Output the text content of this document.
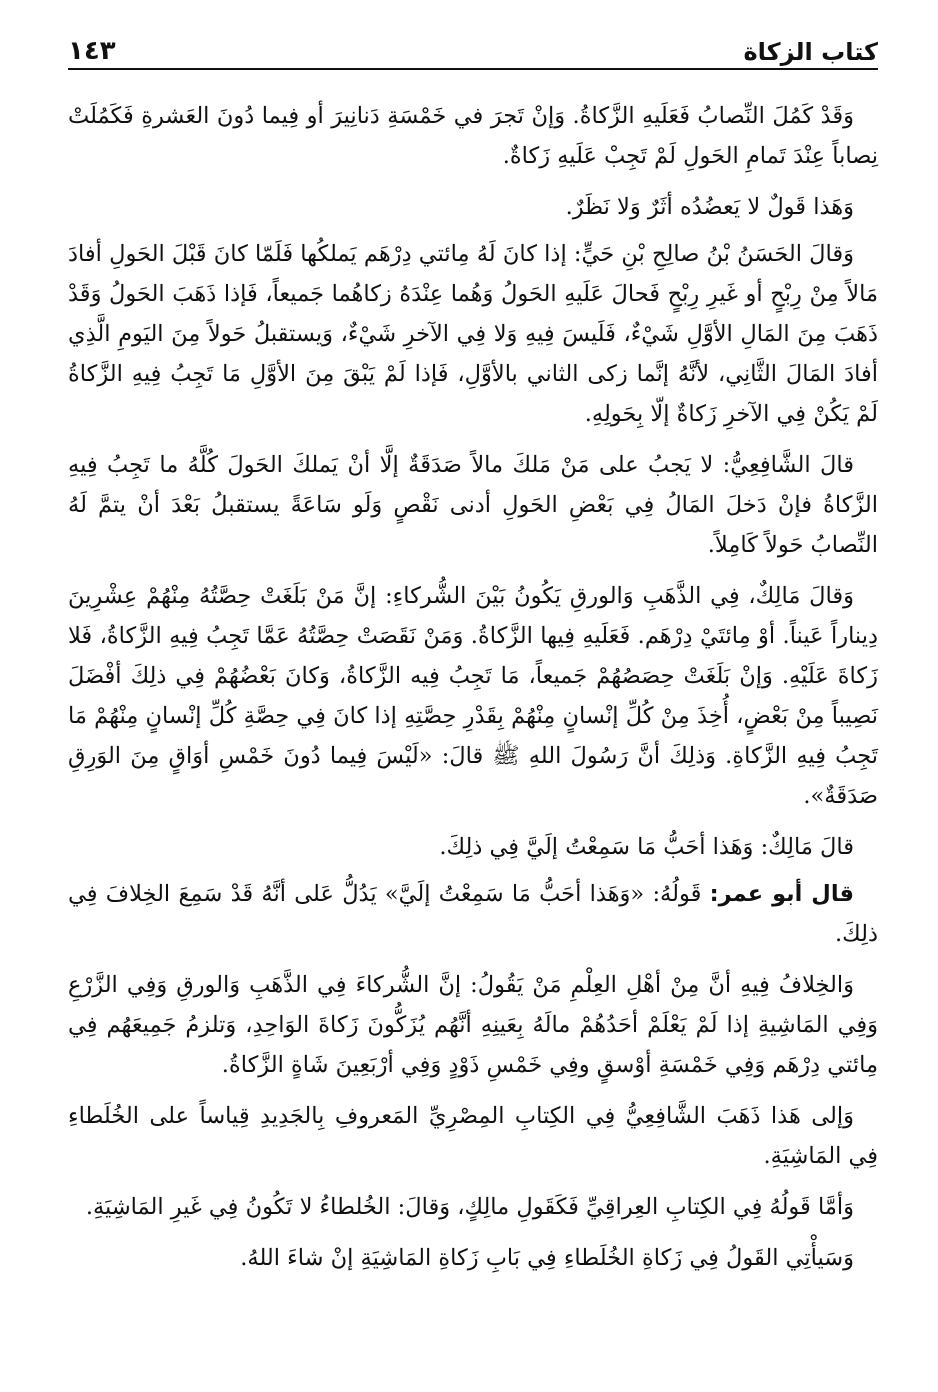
كتاب الزكاة
١٤٣

وَقَدْ كَمُلَ النِّصابُ فَعَلَيهِ الزَّكاةُ. وَإنْ تَجرَ في خَمْسَةِ دَنانِيرَ أو فِيما دُونَ العَشرةِ فَكَمُلَتْ نِصاباً عِنْدَ تَمامِ الحَولِ لَمْ تَجِبْ عَلَيهِ زَكاةٌ.

وَهَذا قَولٌ لا يَعضُدُه أثَرٌ وَلا نَظَرٌ.

وَقالَ الحَسَنُ بْنُ صالِحِ بْنِ حَيٍّ: إذا كانَ لَهُ مِائتي دِرْهَم يَملكُها فَلَمّا كانَ قَبْلَ الحَولِ أفادَ مَالاً مِنْ رِبْحٍ أو غَيرِ رِبْحٍ فَحالَ عَلَيهِ الحَولُ وَهُما عِنْدَهُ زكاهُما جَميعاً، فَإذا ذَهَبَ الحَولُ وَقَدْ ذَهَبَ مِنَ المَالِ الأوَّلِ شَيْءٌ، فَلَيسَ فِيهِ وَلا فِي الآخرِ شَيْءٌ، وَيستقبلُ حَولاً مِنَ اليَومِ الَّذِي أفادَ المَالَ الثَّانِي، لأنَّهُ إنَّما زكى الثاني بالأوَّلِ، فَإذا لَمْ يَبْقَ مِنَ الأوَّلِ مَا تَجِبُ فِيهِ الزَّكاةُ لَمْ يَكُنْ فِي الآخرِ زَكاةٌ إلّا بِحَولِهِ.

قالَ الشَّافِعِيُّ: لا يَجبُ على مَنْ مَلكَ مالاً صَدَقَةٌ إلَّا أنْ يَملكَ الحَولَ كُلَّهُ ما تَجِبُ فِيهِ الزَّكاةُ فإنْ دَخلَ المَالُ فِي بَعْضِ الحَولِ أدنى نَقْصٍ وَلَو سَاعَةً يستقبلُ بَعْدَ أنْ يتمَّ لَهُ النِّصابُ حَولاً كَامِلاً.

وَقالَ مَالِكٌ، فِي الذَّهَبِ وَالورقِ يَكُونُ بَيْنَ الشُّركاءِ: إنَّ مَنْ بَلَغَتْ حِصَّتُهُ مِنْهُمْ عِشْرِينَ دِيناراً عَيناً. أوْ مِائتَيْ دِرْهَم. فَعَلَيهِ فِيها الزَّكاةُ. وَمَنْ نَقَصَتْ حِصَّتُهُ عَمَّا تَجِبُ فِيهِ الزَّكاةُ، فَلا زَكاةَ عَلَيْهِ. وَإنْ بَلَغَتْ حِصَصُهُمْ جَميعاً، مَا تَجِبُ فِيه الزَّكاةُ، وَكانَ بَعْضُهُمْ فِي ذلِكَ أفْضَلَ نَصِيباً مِنْ بَعْضٍ، أُخِذَ مِنْ كُلِّ إنْسانٍ مِنْهُمْ بِقَدْرِ حِصَّتِهِ إذا كانَ فِي حِصَّةِ كُلِّ إنْسانٍ مِنْهُمْ مَا تَجِبُ فِيهِ الزَّكاةِ. وَذلِكَ أنَّ رَسُولَ اللهِ ﷺ قالَ: «لَيْسَ فِيما دُونَ خَمْسِ أوَاقٍ مِنَ الوَرِقِ صَدَقَةٌ».

قالَ مَالِكٌ: وَهَذا أحَبُّ مَا سَمِعْتُ إلَيَّ فِي ذلِكَ.

قال أبو عمر: قَولُهُ: «وَهَذا أحَبُّ مَا سَمِعْتُ إلَيَّ» يَدُلُّ عَلى أنَّهُ قَدْ سَمِعَ الخِلافَ فِي ذلِكَ.

وَالخِلافُ فِيهِ أنَّ مِنْ أهْلِ العِلْمِ مَنْ يَقُولُ: إنَّ الشُّركاءَ فِي الذَّهَبِ وَالورقِ وَفِي الزَّرْعِ وَفِي المَاشِيةِ إذا لَمْ يَعْلَمْ أحَدُهُمْ مالَهُ بِعَينِهِ أنَّهُم يُزَكُّونَ زَكاةَ الوَاحِدِ، وَتلزمُ جَمِيعَهُم فِي مِائتي دِرْهَم وَفِي خَمْسَةِ أوْسقٍ وفِي خَمْسِ ذَوْدٍ وَفِي أرْبَعِينَ شَاةٍ الزَّكاةُ.

وَإلى هَذا ذَهَبَ الشَّافِعِيُّ فِي الكِتابِ المِصْرِيِّ المَعروفِ بِالجَدِيدِ قِياساً على الخُلَطاءِ فِي المَاشِيَةِ.

وَأمَّا قَولُهُ فِي الكِتابِ العِراقِيِّ فَكَقَولِ مالِكٍ، وَقالَ: الخُلطاءُ لا تَكُونُ فِي غَيرِ المَاشِيَةِ.

وَسَيأْتِي القَولُ فِي زَكاةِ الخُلَطاءِ فِي بَابِ زَكاةِ المَاشِيَةِ إنْ شاءَ اللهُ.
